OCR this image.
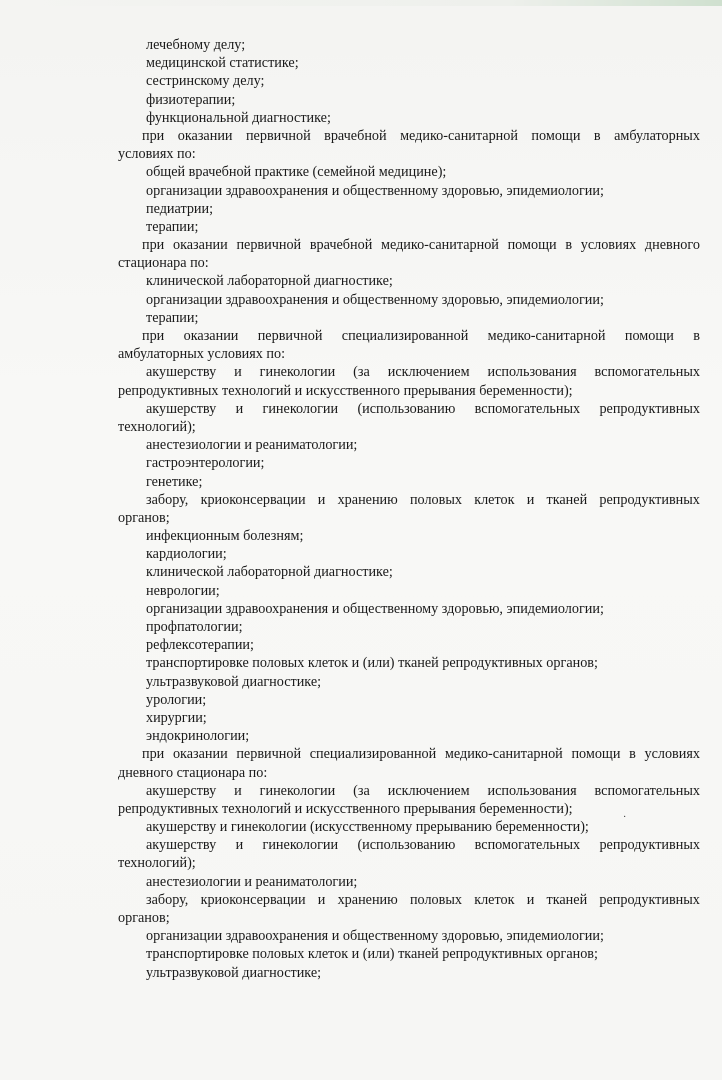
лечебному делу;
медицинской статистике;
сестринскому делу;
физиотерапии;
функциональной диагностике;
при оказании первичной врачебной медико-санитарной помощи в амбулаторных
условиях по:
общей врачебной практике (семейной медицине);
организации здравоохранения и общественному здоровью, эпидемиологии;
педиатрии;
терапии;
при оказании первичной врачебной медико-санитарной помощи в условиях дневного
стационара по:
клинической лабораторной диагностике;
организации здравоохранения и общественному здоровью, эпидемиологии;
терапии;
при оказании первичной специализированной медико-санитарной помощи в
амбулаторных условиях по:
акушерству и гинекологии (за исключением использования вспомогательных
репродуктивных технологий и искусственного прерывания беременности);
акушерству и гинекологии (использованию вспомогательных репродуктивных
технологий);
анестезиологии и реаниматологии;
гастроэнтерологии;
генетике;
забору, криоконсервации и хранению половых клеток и тканей репродуктивных
органов;
инфекционным болезням;
кардиологии;
клинической лабораторной диагностике;
неврологии;
организации здравоохранения и общественному здоровью, эпидемиологии;
профпатологии;
рефлексотерапии;
транспортировке половых клеток и (или) тканей репродуктивных органов;
ультразвуковой диагностике;
урологии;
хирургии;
эндокринологии;
при оказании первичной специализированной медико-санитарной помощи в условиях
дневного стационара по:
акушерству и гинекологии (за исключением использования вспомогательных
репродуктивных технологий и искусственного прерывания беременности);
акушерству и гинекологии (искусственному прерыванию беременности);
акушерству и гинекологии (использованию вспомогательных репродуктивных
технологий);
анестезиологии и реаниматологии;
забору, криоконсервации и хранению половых клеток и тканей репродуктивных
органов;
организации здравоохранения и общественному здоровью, эпидемиологии;
транспортировке половых клеток и (или) тканей репродуктивных органов;
ультразвуковой диагностике;
·
